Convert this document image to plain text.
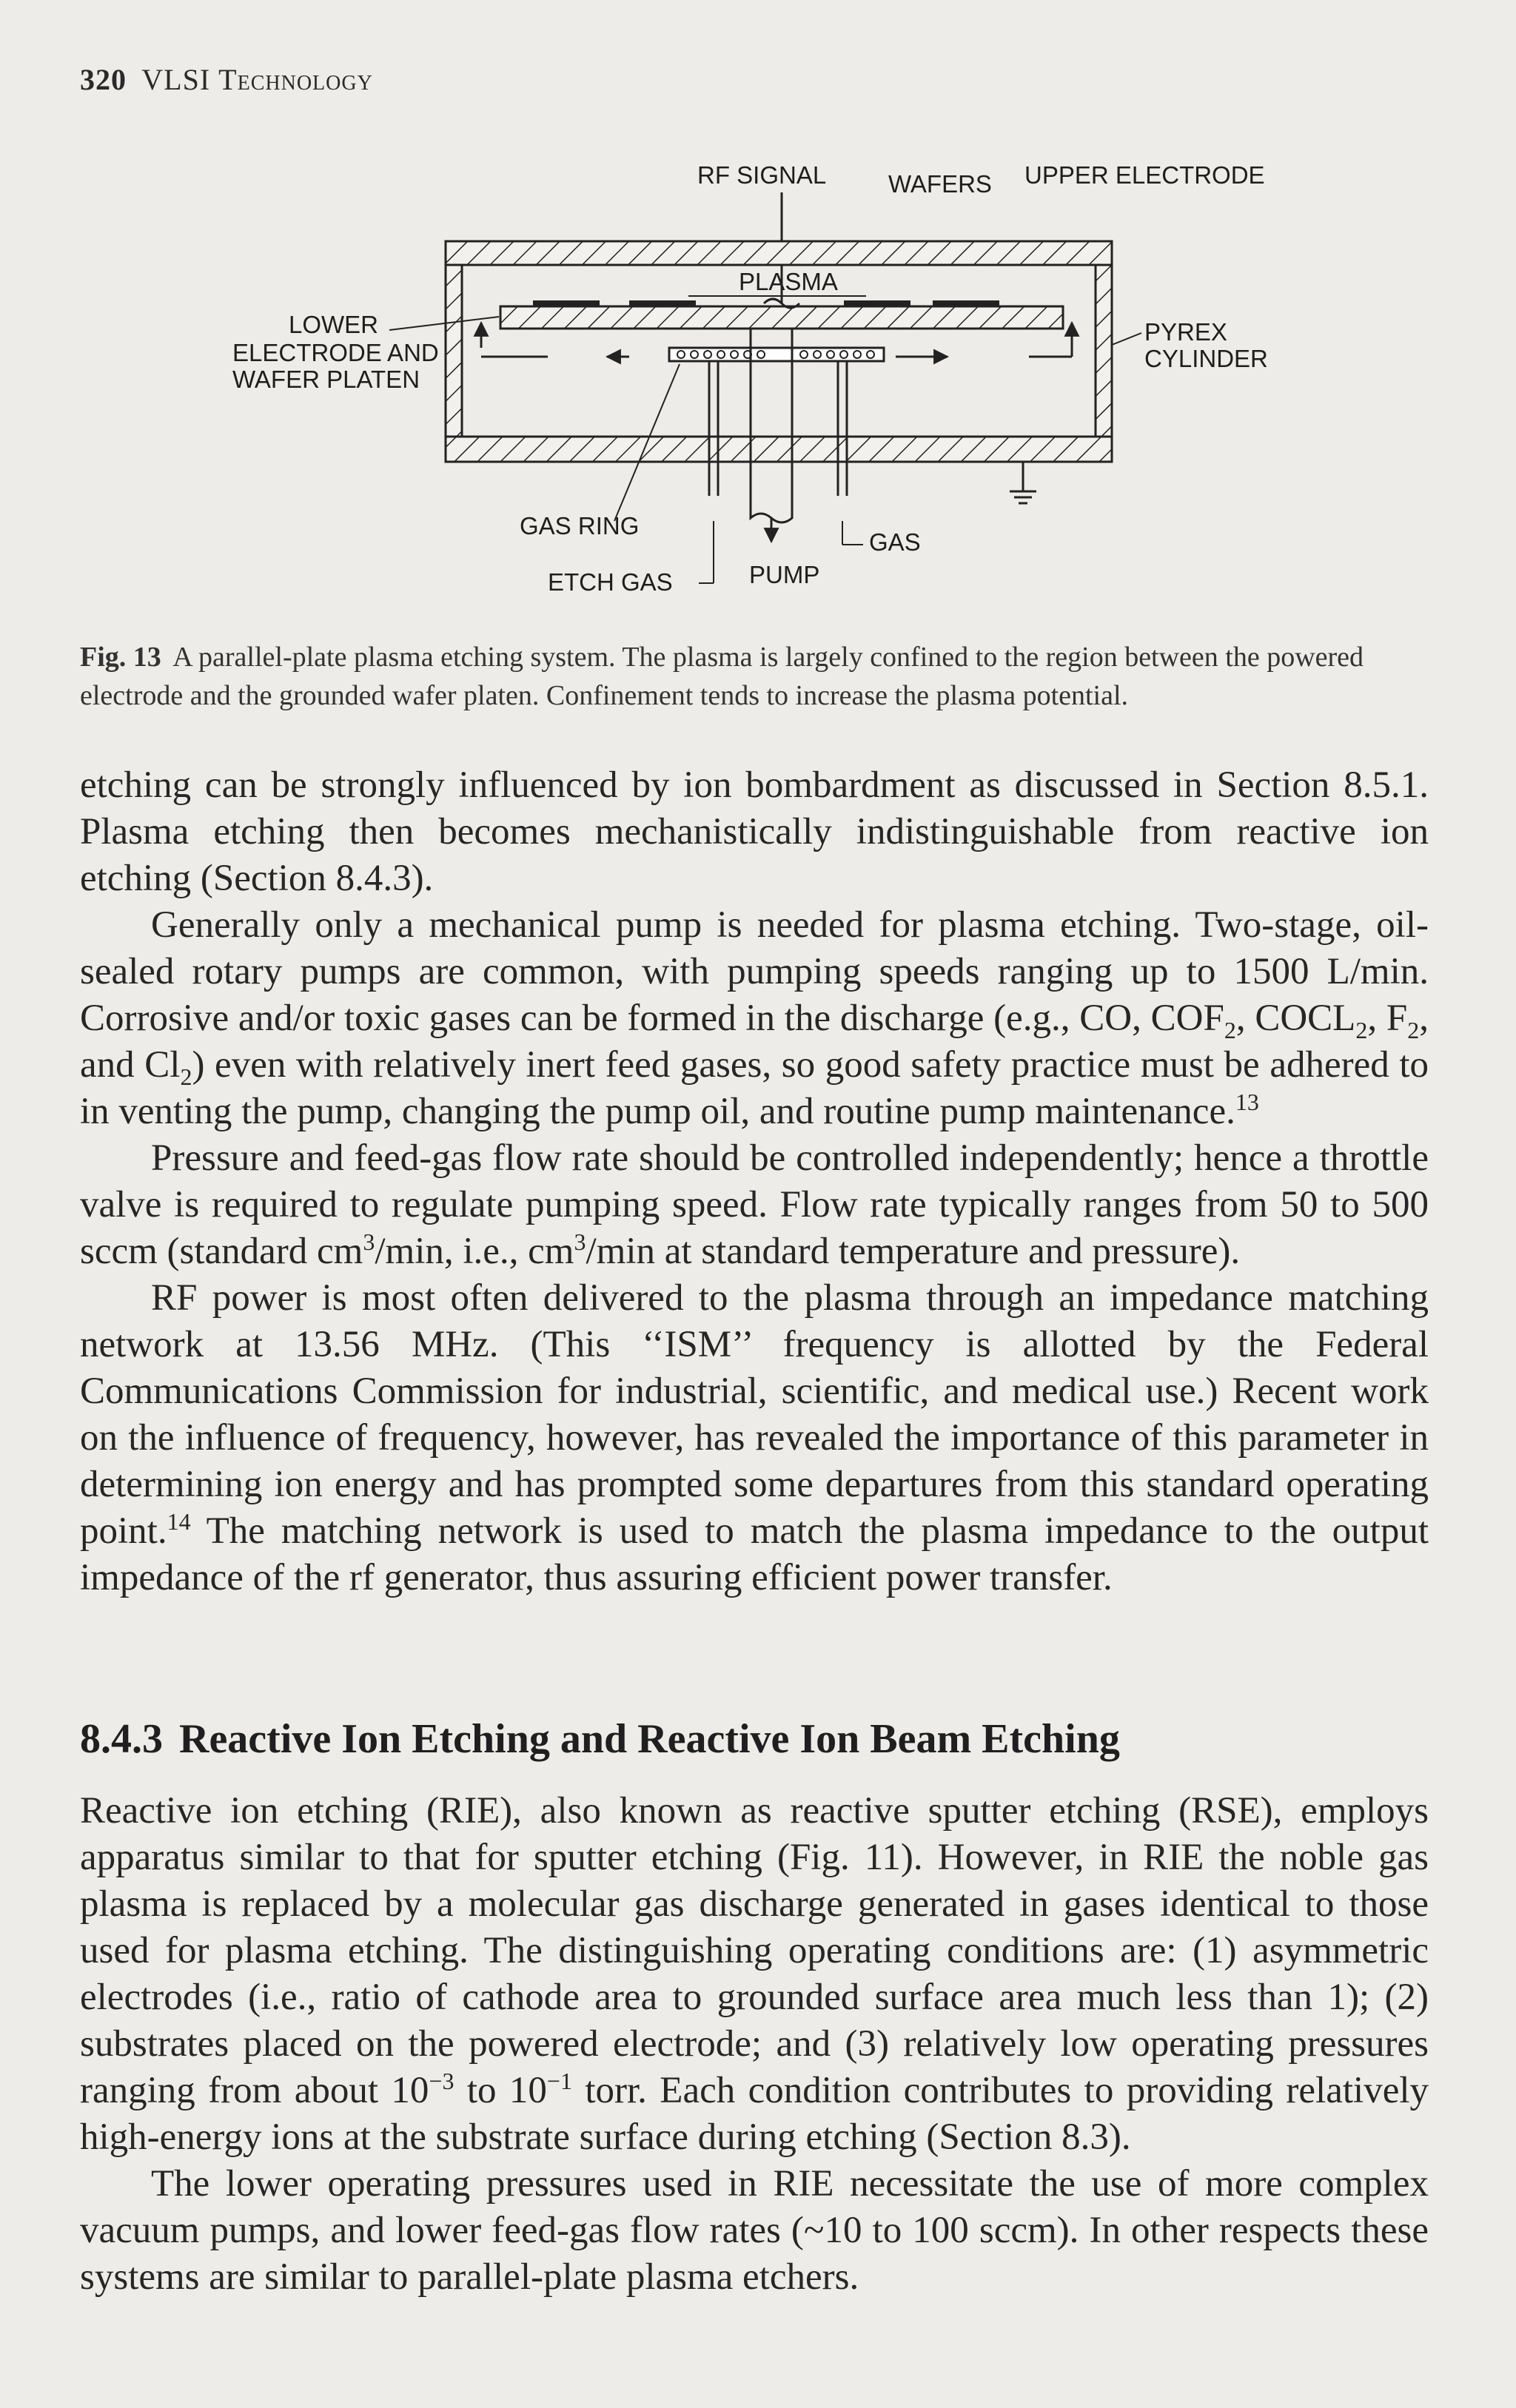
320 VLSI Technology
RF SIGNAL	WAFERS UPPER ELECTRODE
PLASMA
LOWER
ELECTRODE AND
WAFER PLATEN
PYREX
CYLINDER
GAS RING
GAS
ETCH GAS	PUMP
Fig. 13 A parallel-plate plasma etching system. The plasma is largely confined to the region between the powered electrode and the grounded wafer platen. Confinement tends to increase the plasma potential.

etching can be strongly influenced by ion bombardment as discussed in Section 8.5.1. Plasma etching then becomes mechanistically indistinguishable from reactive ion etching (Section 8.4.3).

Generally only a mechanical pump is needed for plasma etching. Two-stage, oil-sealed rotary pumps are common, with pumping speeds ranging up to 1500 L/min. Corrosive and/or toxic gases can be formed in the discharge (e.g., CO, $COF_2$, $COCL_2$, $F_2$, and $Cl_2$) even with relatively inert feed gases, so good safety practice must be adhered to in venting the pump, changing the pump oil, and routine pump maintenance.$^{13}$

Pressure and feed-gas flow rate should be controlled independently; hence a throttle valve is required to regulate pumping speed. Flow rate typically ranges from 50 to 500 sccm (standard $cm^3/\min$, i.e., $cm^3/\min$ at standard temperature and pressure).

RF power is most often delivered to the plasma through an impedance matching network at 13.56 MHz. (This ‘‘ISM’’ frequency is allotted by the Federal Communications Commission for industrial, scientific, and medical use.) Recent work on the influence of frequency, however, has revealed the importance of this parameter in determining ion energy and has prompted some departures from this standard operating point.$^{14}$ The matching network is used to match the plasma impedance to the output impedance of the rf generator, thus assuring efficient power transfer.

8.4.3 Reactive Ion Etching and Reactive Ion Beam Etching

Reactive ion etching (RIE), also known as reactive sputter etching (RSE), employs apparatus similar to that for sputter etching (Fig. 11). However, in RIE the noble gas plasma is replaced by a molecular gas discharge generated in gases identical to those used for plasma etching. The distinguishing operating conditions are: (1) asymmetric electrodes (i.e., ratio of cathode area to grounded surface area much less than 1); (2) substrates placed on the powered electrode; and (3) relatively low operating pressures ranging from about $10^{-3}$ to $10^{-1}$ torr. Each condition contributes to providing relatively high-energy ions at the substrate surface during etching (Section 8.3).

The lower operating pressures used in RIE necessitate the use of more complex vacuum pumps, and lower feed-gas flow rates (~10 to 100 sccm). In other respects these systems are similar to parallel-plate plasma etchers.
